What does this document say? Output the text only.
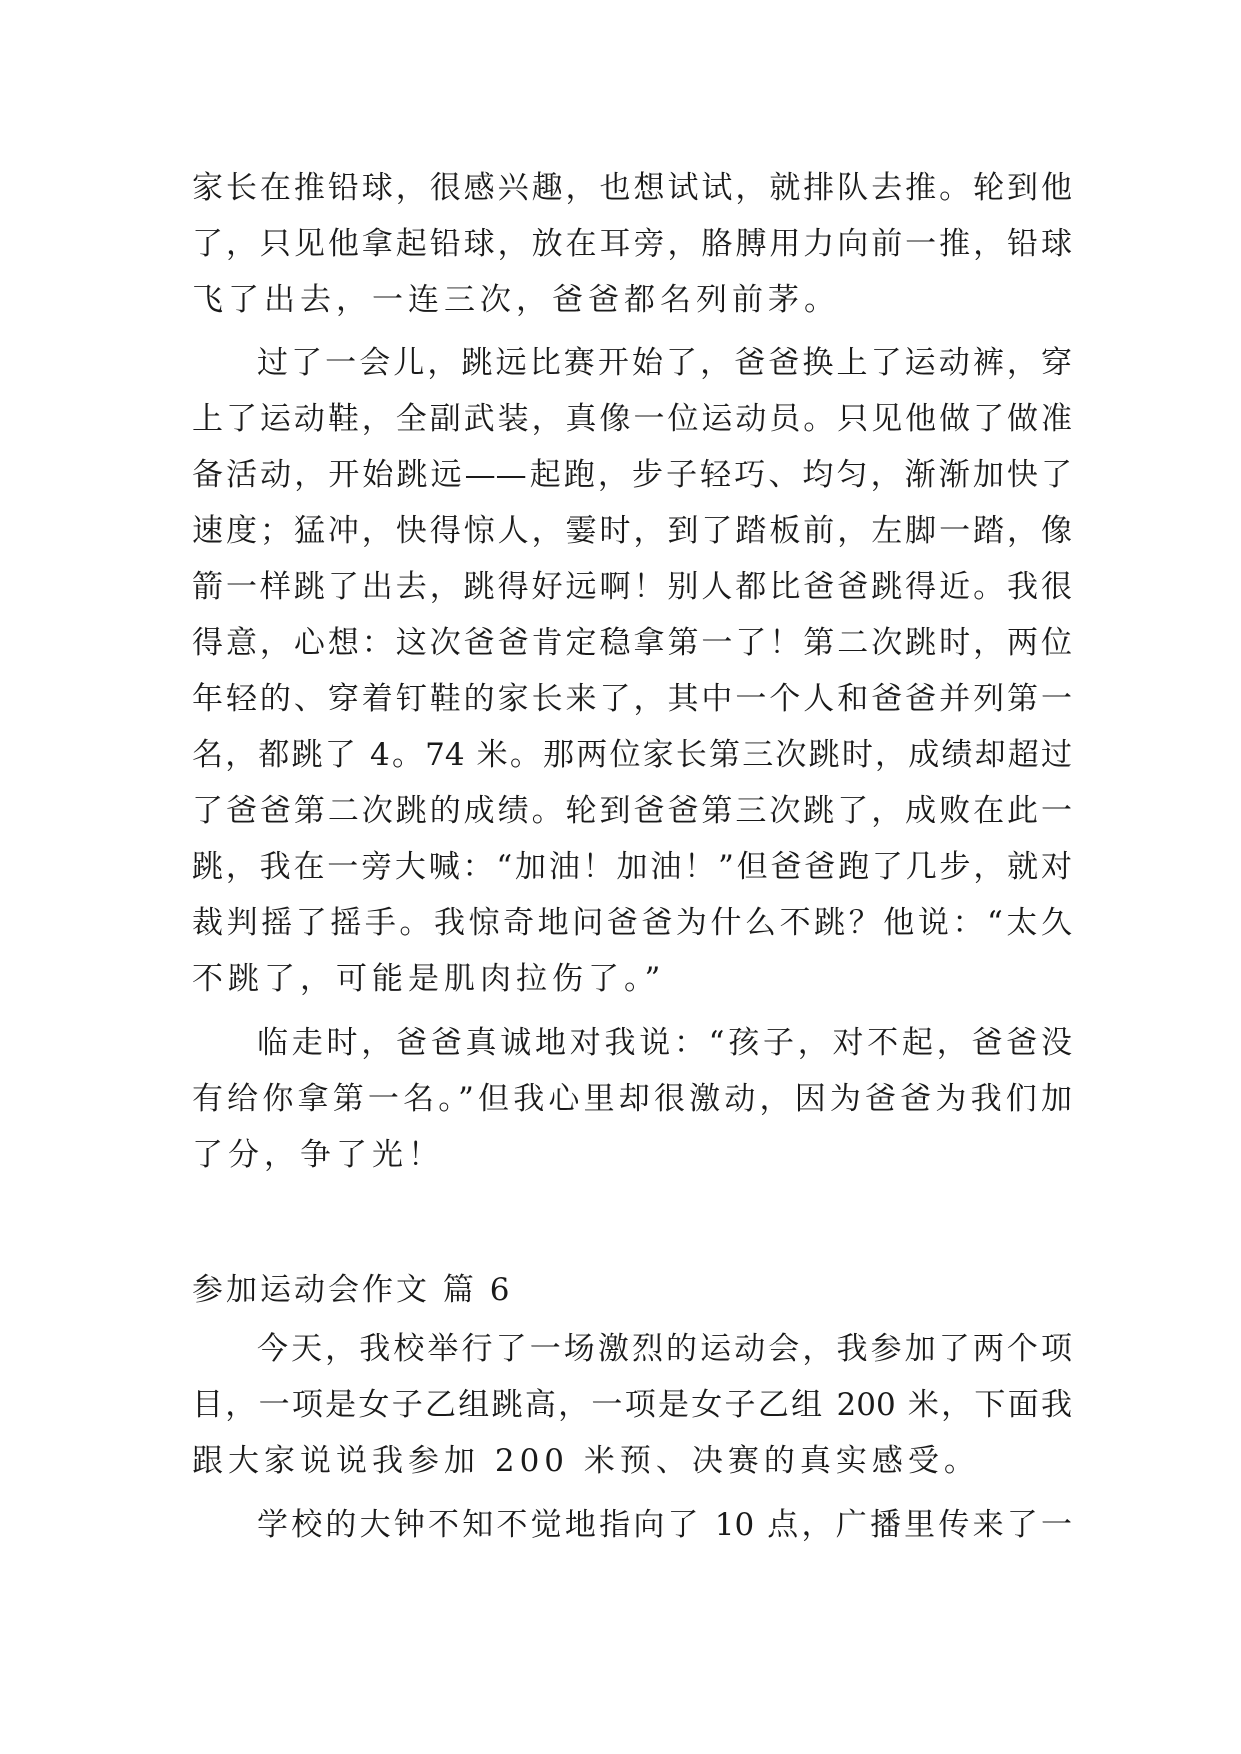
家长在推铅球，很感兴趣，也想试试，就排队去推。轮到他
了，只见他拿起铅球，放在耳旁，胳膊用力向前一推，铅球
飞了出去，一连三次，爸爸都名列前茅。
过了一会儿，跳远比赛开始了，爸爸换上了运动裤，穿
上了运动鞋，全副武装，真像一位运动员。只见他做了做准
备活动，开始跳远——起跑，步子轻巧、均匀，渐渐加快了
速度；猛冲，快得惊人，霎时，到了踏板前，左脚一踏，像
箭一样跳了出去，跳得好远啊！别人都比爸爸跳得近。我很
得意，心想：这次爸爸肯定稳拿第一了！第二次跳时，两位
年轻的、穿着钉鞋的家长来了，其中一个人和爸爸并列第一
名，都跳了 4。74 米。那两位家长第三次跳时，成绩却超过
了爸爸第二次跳的成绩。轮到爸爸第三次跳了，成败在此一
跳，我在一旁大喊：“加油！加油！”但爸爸跑了几步，就对
裁判摇了摇手。我惊奇地问爸爸为什么不跳？他说：“太久
不跳了，可能是肌肉拉伤了。”
临走时，爸爸真诚地对我说：“孩子，对不起，爸爸没
有给你拿第一名。”但我心里却很激动，因为爸爸为我们加
了分，争了光！
参加运动会作文 篇 6
今天，我校举行了一场激烈的运动会，我参加了两个项
目，一项是女子乙组跳高，一项是女子乙组 200 米，下面我
跟大家说说我参加 200 米预、决赛的真实感受。
学校的大钟不知不觉地指向了 10 点，广播里传来了一
